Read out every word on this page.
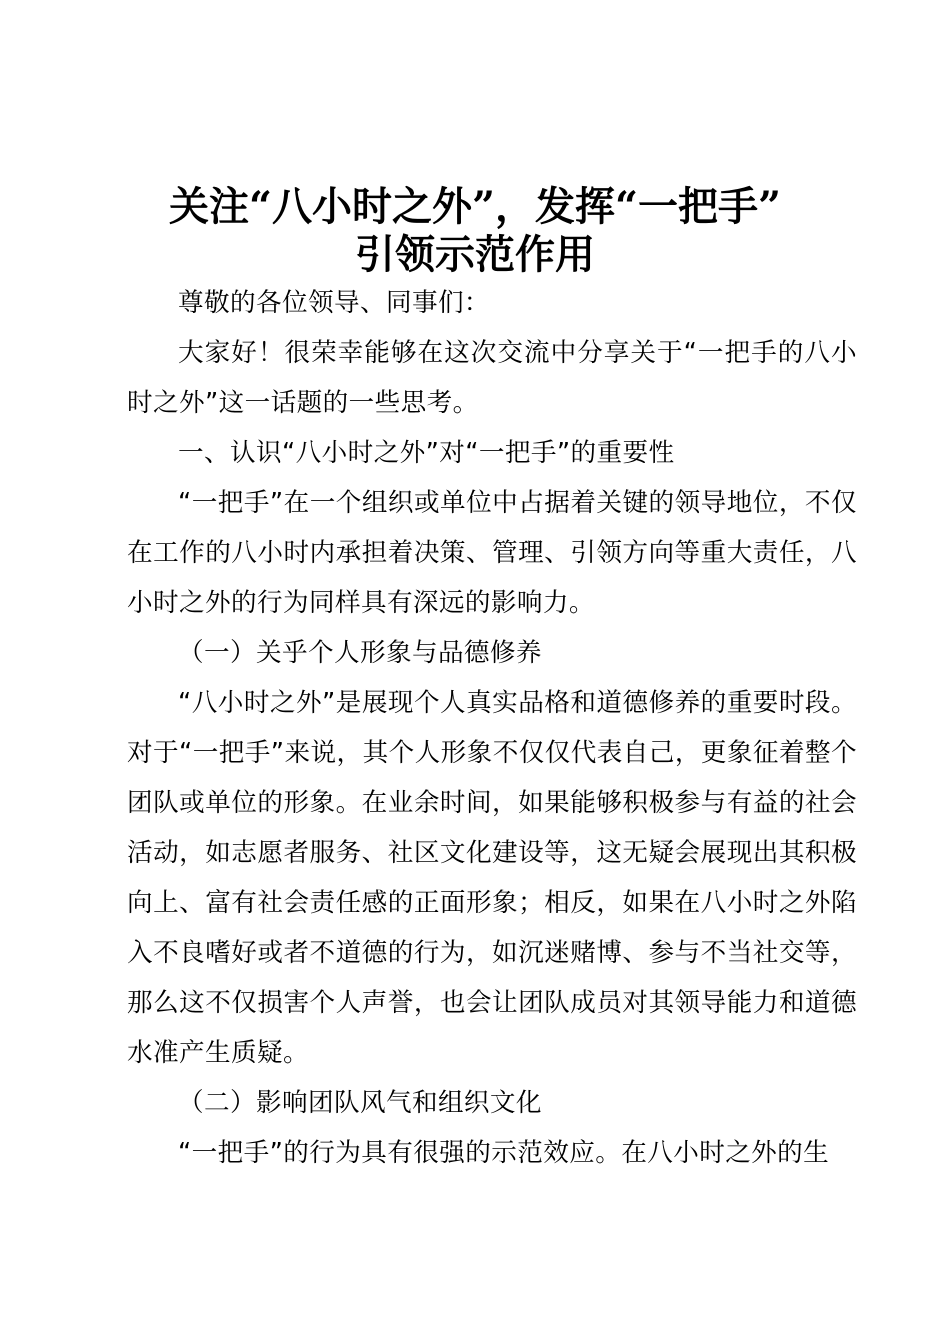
关注“八小时之外”，发挥“一把手”
引领示范作用

尊敬的各位领导、同事们：

大家好！很荣幸能够在这次交流中分享关于“一把手的八小时之外”这一话题的一些思考。

一、认识“八小时之外”对“一把手”的重要性

“一把手”在一个组织或单位中占据着关键的领导地位，不仅在工作的八小时内承担着决策、管理、引领方向等重大责任，八小时之外的行为同样具有深远的影响力。

（一）关乎个人形象与品德修养

“八小时之外”是展现个人真实品格和道德修养的重要时段。对于“一把手”来说，其个人形象不仅仅代表自己，更象征着整个团队或单位的形象。在业余时间，如果能够积极参与有益的社会活动，如志愿者服务、社区文化建设等，这无疑会展现出其积极向上、富有社会责任感的正面形象；相反，如果在八小时之外陷入不良嗜好或者不道德的行为，如沉迷赌博、参与不当社交等，那么这不仅损害个人声誉，也会让团队成员对其领导能力和道德水准产生质疑。

（二）影响团队风气和组织文化

“一把手”的行为具有很强的示范效应。在八小时之外的生
